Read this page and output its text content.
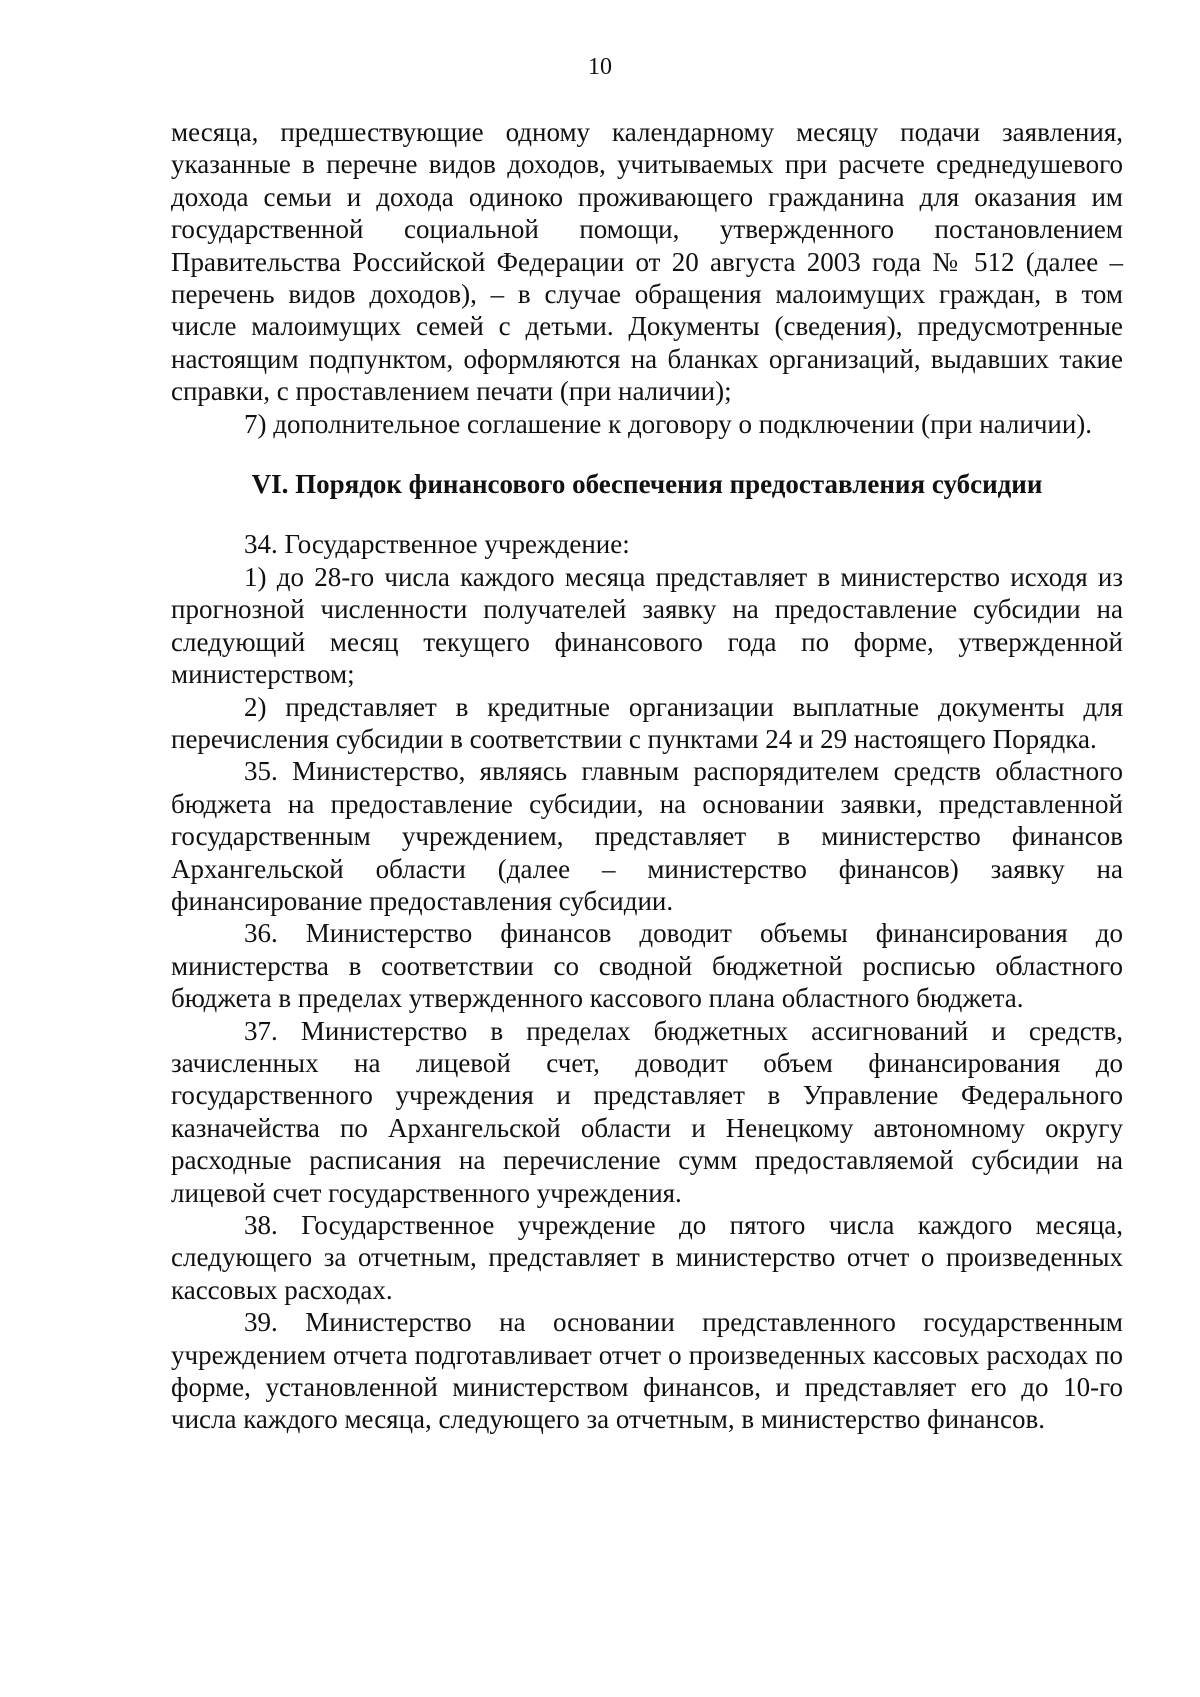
10

месяца, предшествующие одному календарному месяцу подачи заявления, указанные в перечне видов доходов, учитываемых при расчете среднедушевого дохода семьи и дохода одиноко проживающего гражданина для оказания им государственной социальной помощи, утвержденного постановлением Правительства Российской Федерации от 20 августа 2003 года № 512 (далее – перечень видов доходов), – в случае обращения малоимущих граждан, в том числе малоимущих семей с детьми. Документы (сведения), предусмотренные настоящим подпунктом, оформляются на бланках организаций, выдавших такие справки, с проставлением печати (при наличии);

7) дополнительное соглашение к договору о подключении (при наличии).

VI. Порядок финансового обеспечения предоставления субсидии

34. Государственное учреждение:

1) до 28-го числа каждого месяца представляет в министерство исходя из прогнозной численности получателей заявку на предоставление субсидии на следующий месяц текущего финансового года по форме, утвержденной министерством;

2) представляет в кредитные организации выплатные документы для перечисления субсидии в соответствии с пунктами 24 и 29 настоящего Порядка.

35. Министерство, являясь главным распорядителем средств областного бюджета на предоставление субсидии, на основании заявки, представленной государственным учреждением, представляет в министерство финансов Архангельской области (далее – министерство финансов) заявку на финансирование предоставления субсидии.

36. Министерство финансов доводит объемы финансирования до министерства в соответствии со сводной бюджетной росписью областного бюджета в пределах утвержденного кассового плана областного бюджета.

37. Министерство в пределах бюджетных ассигнований и средств, зачисленных на лицевой счет, доводит объем финансирования до государственного учреждения и представляет в Управление Федерального казначейства по Архангельской области и Ненецкому автономному округу расходные расписания на перечисление сумм предоставляемой субсидии на лицевой счет государственного учреждения.

38. Государственное учреждение до пятого числа каждого месяца, следующего за отчетным, представляет в министерство отчет о произведенных кассовых расходах.

39. Министерство на основании представленного государственным учреждением отчета подготавливает отчет о произведенных кассовых расходах по форме, установленной министерством финансов, и представляет его до 10-го числа каждого месяца, следующего за отчетным, в министерство финансов.
